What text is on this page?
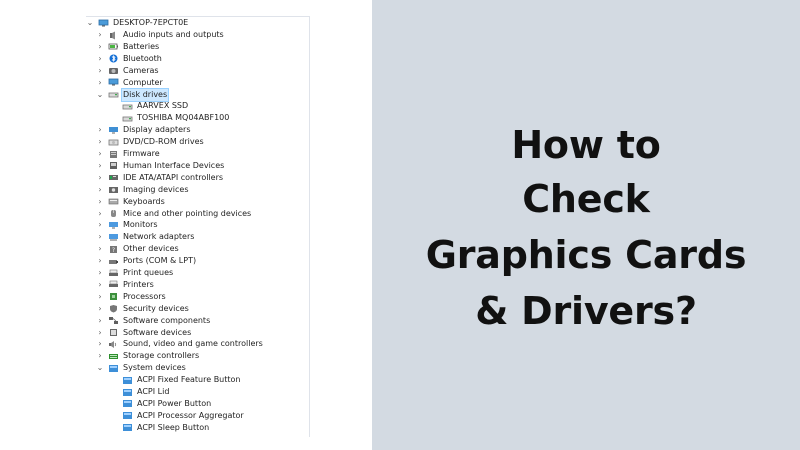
⌄ DESKTOP-7EPCT0E
›	Audio inputs and outputs
›	Batteries
›	Bluetooth
›	Cameras
›	Computer
⌄ Disk drives
AARVEX SSD
TOSHIBA MQ04ABF100
›	Display adapters
›	DVD/CD-ROM drives
›	Firmware
›	Human Interface Devices
›	IDE ATA/ATAPI controllers
›	Imaging devices
›	Keyboards
›	Mice and other pointing devices
›	Monitors
›	Network adapters
›	? Other devices
›	Ports (COM & LPT)
›	Print queues
›	Printers
›	Processors
›	Security devices
›	Software components
›	Software devices
›	Sound, video and game controllers
›	Storage controllers
⌄ System devices
ACPI Fixed Feature Button
ACPI Lid
ACPI Power Button
ACPI Processor Aggregator
ACPI Sleep Button
How to
Check
Graphics Cards
& Drivers?
